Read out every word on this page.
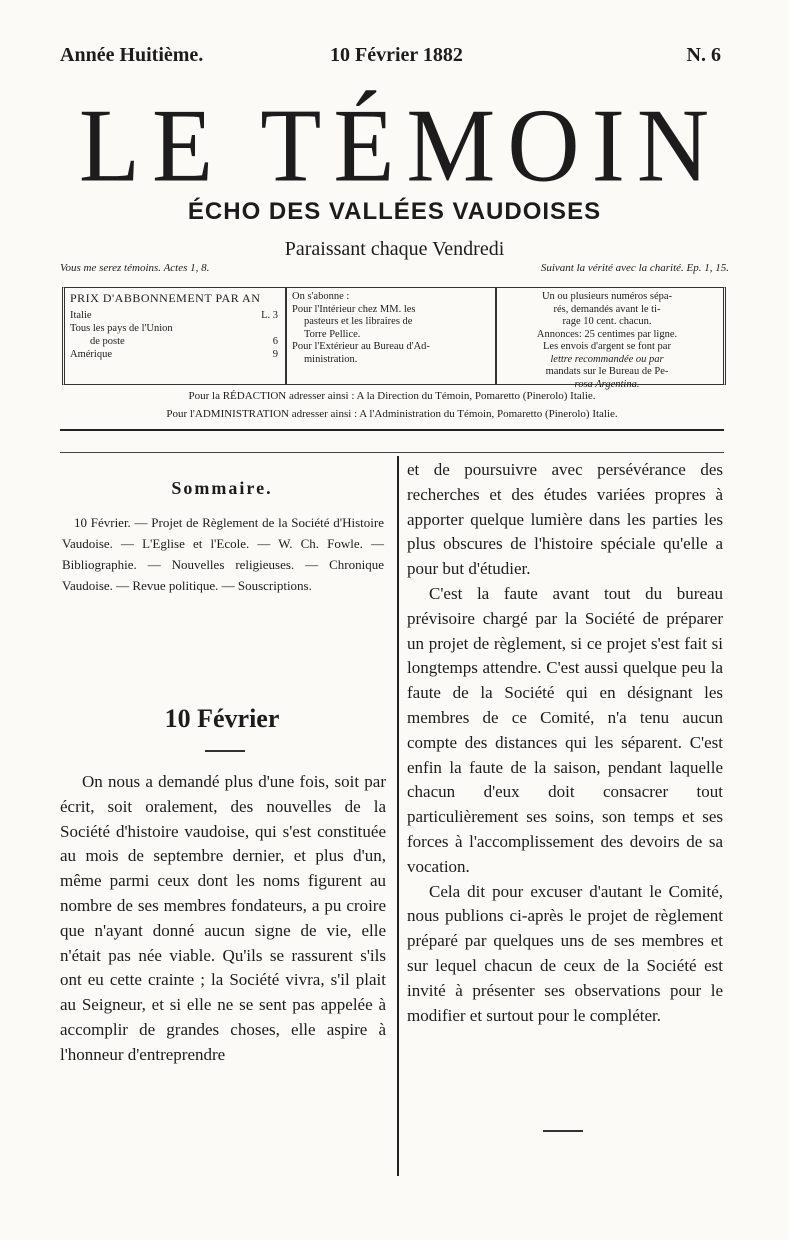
Année Huitième.	10 Février 1882	N. 6
LE TÉMOIN
ÉCHO DES VALLÉES VAUDOISES
Paraissant chaque Vendredi
Vous me serez témoins. Actes 1, 8.	Suivant la vérité avec la charité. Ep. 1, 15.
PRIX D'ABBONNEMENT PAR AN
Italie	L. 3
Tous les pays de l'Union
de poste	6
Amérique	9
On s'abonne :
Pour l'Intérieur chez MM. les
pasteurs et les libraires de
Torre Pellice.
Pour l'Extérieur au Bureau d'Ad-
ministration.
Un ou plusieurs numéros sépa-
rés, demandés avant le ti-
rage 10 cent. chacun.
Annonces: 25 centimes par ligne.
Les envois d'argent se font par
lettre recommandée ou par
mandats sur le Bureau de Pe-
rosa Argentina.
Pour la RÉDACTION adresser ainsi : A la Direction du Témoin, Pomaretto (Pinerolo) Italie.
Pour l'ADMINISTRATION adresser ainsi : A l'Administration du Témoin, Pomaretto (Pinerolo) Italie.
Sommaire.

10 Février. — Projet de Règlement de la Société d'Histoire Vaudoise. — L'Eglise et l'Ecole. — W. Ch. Fowle. — Bibliographie. — Nouvelles religieuses. — Chronique Vaudoise. — Revue politique. — Souscriptions.

10 Février

On nous a demandé plus d'une fois, soit par écrit, soit oralement, des nouvelles de la Société d'histoire vaudoise, qui s'est constituée au mois de septembre dernier, et plus d'un, même parmi ceux dont les noms figurent au nombre de ses membres fondateurs, a pu croire que n'ayant donné aucun signe de vie, elle n'était pas née viable. Qu'ils se rassurent s'ils ont eu cette crainte ; la Société vivra, s'il plait au Seigneur, et si elle ne se sent pas appelée à accomplir de grandes choses, elle aspire à l'honneur d'entreprendre

et de poursuivre avec persévérance des recherches et des études variées propres à apporter quelque lumière dans les parties les plus obscures de l'histoire spéciale qu'elle a pour but d'étudier.

C'est la faute avant tout du bureau prévisoire chargé par la Société de préparer un projet de règlement, si ce projet s'est fait si longtemps attendre. C'est aussi quelque peu la faute de la Société qui en désignant les membres de ce Comité, n'a tenu aucun compte des distances qui les séparent. C'est enfin la faute de la saison, pendant laquelle chacun d'eux doit consacrer tout particulièrement ses soins, son temps et ses forces à l'accomplissement des devoirs de sa vocation.

Cela dit pour excuser d'autant le Comité, nous publions ci-après le projet de règlement préparé par quelques uns de ses membres et sur lequel chacun de ceux de la Société est invité à présenter ses observations pour le modifier et surtout pour le compléter.
